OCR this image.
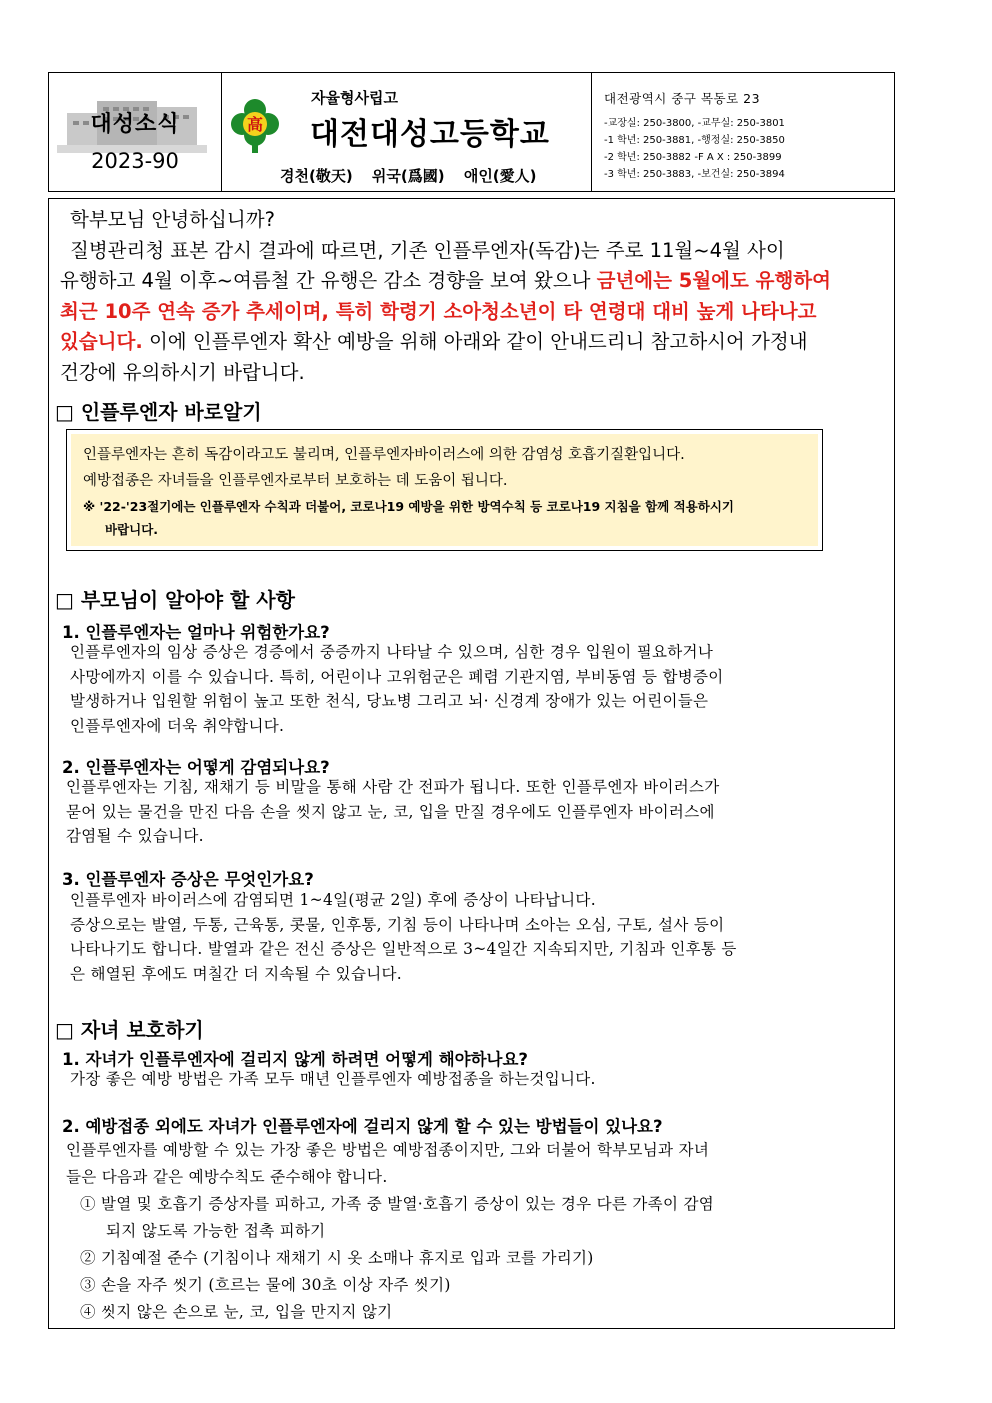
대성소식
2023-90
高
자율형사립고
대전대성고등학교
경천(敬天) 위국(爲國) 애인(愛人)
대전광역시 중구 목동로 23
-교장실: 250-3800, -교무실: 250-3801
-1 학년: 250-3881, -행정실: 250-3850
-2 학년: 250-3882 -F A X : 250-3899
-3 학년: 250-3883, -보건실: 250-3894

학부모님 안녕하십니까?

질병관리청 표본 감시 결과에 따르면, 기존 인플루엔자(독감)는 주로 11월~4월 사이

유행하고 4월 이후~여름철 간 유행은 감소 경향을 보여 왔으나 금년에는 5월에도 유행하여

최근 10주 연속 증가 추세이며, 특히 학령기 소아청소년이 타 연령대 대비 높게 나타나고

있습니다. 이에 인플루엔자 확산 예방을 위해 아래와 같이 안내드리니 참고하시어 가정내

건강에 유의하시기 바랍니다.

□ 인플루엔자 바로알기
인플루엔자는 흔히 독감이라고도 불리며, 인플루엔자바이러스에 의한 감염성 호흡기질환입니다.
예방접종은 자녀들을 인플루엔자로부터 보호하는 데 도움이 됩니다.
※ '22-'23절기에는 인플루엔자 수칙과 더불어, 코로나19 예방을 위한 방역수칙 등 코로나19 지침을 함께 적용하시기
바랍니다.
□ 부모님이 알아야 할 사항
1. 인플루엔자는 얼마나 위험한가요?

인플루엔자의 임상 증상은 경증에서 중증까지 나타날 수 있으며, 심한 경우 입원이 필요하거나

사망에까지 이를 수 있습니다. 특히, 어린이나 고위험군은 폐렴 기관지염, 부비동염 등 합병증이

발생하거나 입원할 위험이 높고 또한 천식, 당뇨병 그리고 뇌· 신경계 장애가 있는 어린이들은

인플루엔자에 더욱 취약합니다.

2. 인플루엔자는 어떻게 감염되나요?

인플루엔자는 기침, 재채기 등 비말을 통해 사람 간 전파가 됩니다. 또한 인플루엔자 바이러스가

묻어 있는 물건을 만진 다음 손을 씻지 않고 눈, 코, 입을 만질 경우에도 인플루엔자 바이러스에

감염될 수 있습니다.

3. 인플루엔자 증상은 무엇인가요?

인플루엔자 바이러스에 감염되면 1~4일(평균 2일) 후에 증상이 나타납니다.

증상으로는 발열, 두통, 근육통, 콧물, 인후통, 기침 등이 나타나며 소아는 오심, 구토, 설사 등이

나타나기도 합니다. 발열과 같은 전신 증상은 일반적으로 3~4일간 지속되지만, 기침과 인후통 등

은 해열된 후에도 며칠간 더 지속될 수 있습니다.

□ 자녀 보호하기
1. 자녀가 인플루엔자에 걸리지 않게 하려면 어떻게 해야하나요?

가장 좋은 예방 방법은 가족 모두 매년 인플루엔자 예방접종을 하는것입니다.

2. 예방접종 외에도 자녀가 인플루엔자에 걸리지 않게 할 수 있는 방법들이 있나요?

인플루엔자를 예방할 수 있는 가장 좋은 방법은 예방접종이지만, 그와 더불어 학부모님과 자녀

들은 다음과 같은 예방수칙도 준수해야 합니다.

① 발열 및 호흡기 증상자를 피하고, 가족 중 발열·호흡기 증상이 있는 경우 다른 가족이 감염

되지 않도록 가능한 접촉 피하기

② 기침예절 준수 (기침이나 재채기 시 옷 소매나 휴지로 입과 코를 가리기)

③ 손을 자주 씻기 (흐르는 물에 30초 이상 자주 씻기)

④ 씻지 않은 손으로 눈, 코, 입을 만지지 않기
